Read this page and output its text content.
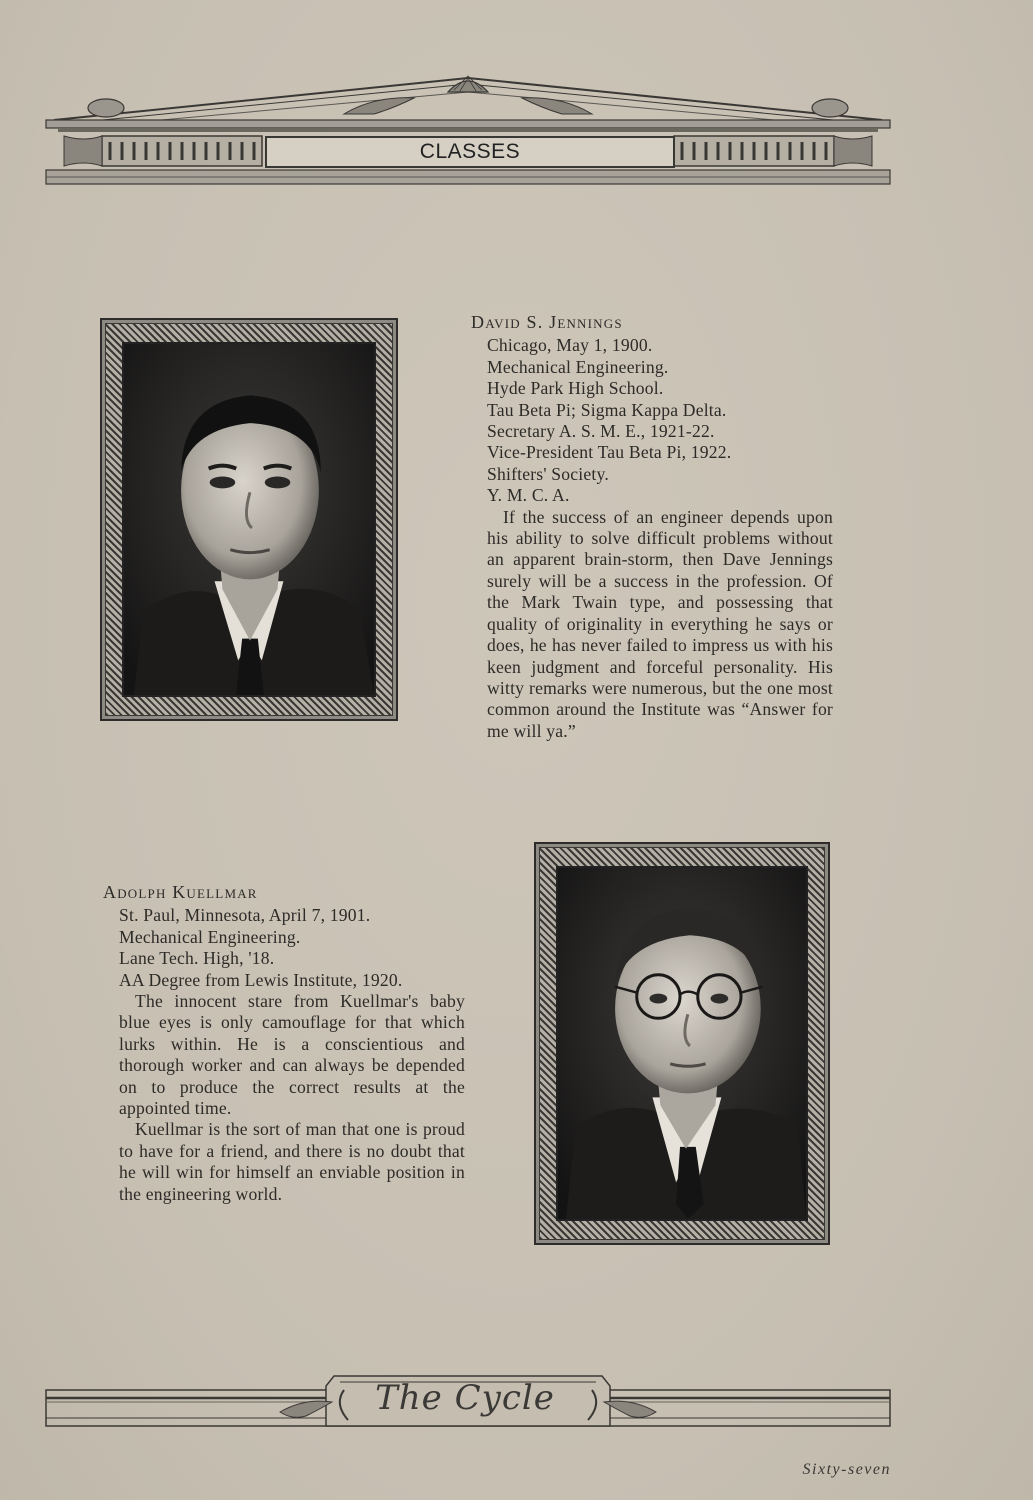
CLASSES
David S. Jennings
Chicago, May 1, 1900.
Mechanical Engineering.
Hyde Park High School.
Tau Beta Pi; Sigma Kappa Delta.
Secretary A. S. M. E., 1921-22.
Vice-President Tau Beta Pi, 1922.
Shifters' Society.
Y. M. C. A.

If the success of an engineer depends upon his ability to solve difficult problems without an apparent brain-storm, then Dave Jennings surely will be a success in the profession. Of the Mark Twain type, and possessing that quality of originality in everything he says or does, he has never failed to impress us with his keen judgment and forceful personality. His witty remarks were numerous, but the one most common around the Institute was “Answer for me will ya.”

Adolph Kuellmar
St. Paul, Minnesota, April 7, 1901.
Mechanical Engineering.
Lane Tech. High, '18.
AA Degree from Lewis Institute, 1920.

The innocent stare from Kuellmar's baby blue eyes is only camouflage for that which lurks within. He is a conscientious and thorough worker and can always be depended on to produce the correct results at the appointed time.

Kuellmar is the sort of man that one is proud to have for a friend, and there is no doubt that he will win for himself an enviable position in the engineering world.

The Cycle
Sixty-seven
